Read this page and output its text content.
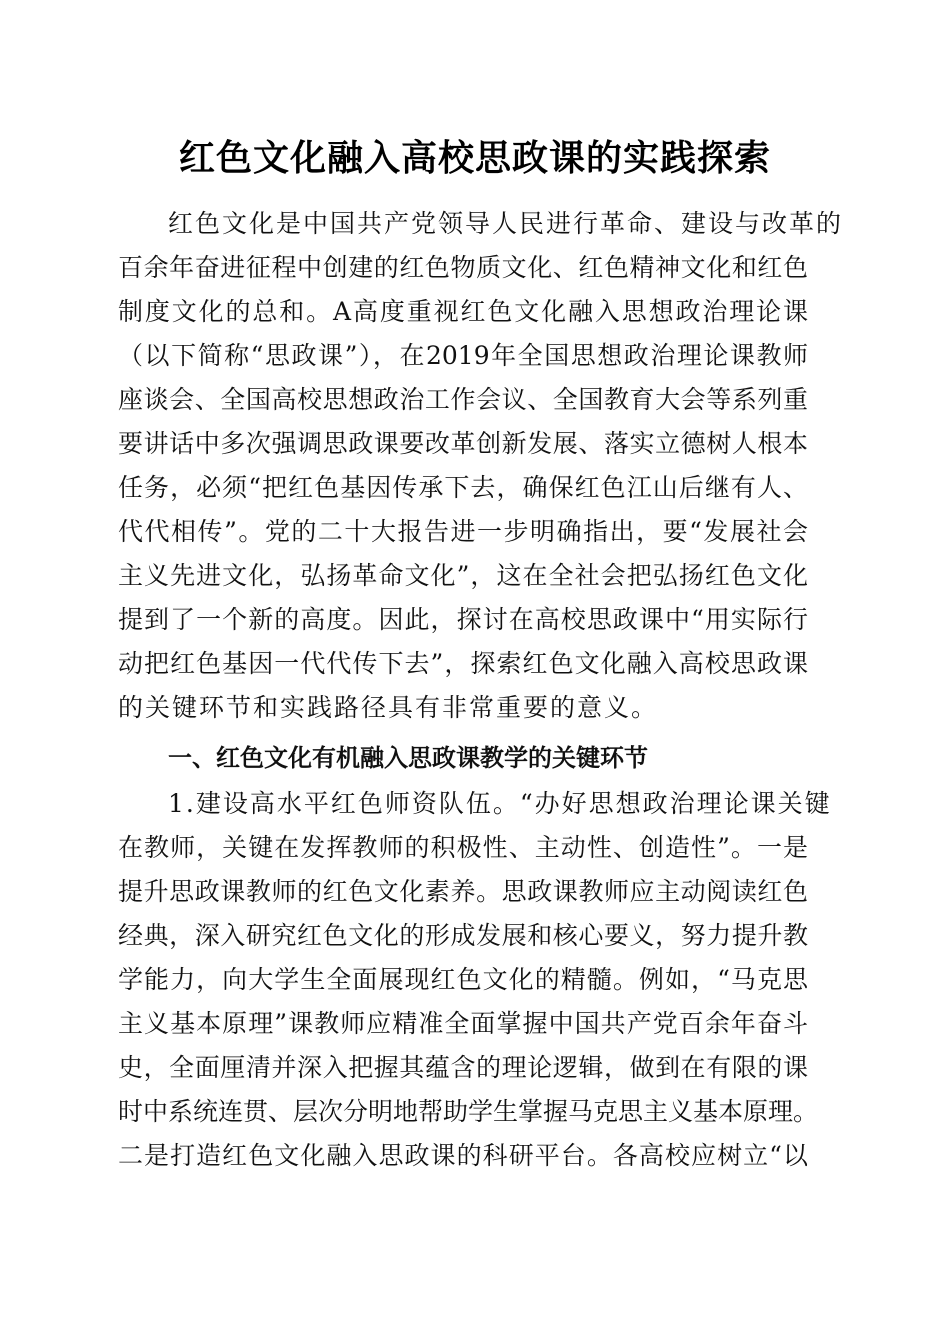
红色文化融入高校思政课的实践探索
红色文化是中国共产党领导人民进行革命、建设与改革的
百余年奋进征程中创建的红色物质文化、红色精神文化和红色
制度文化的总和。A高度重视红色文化融入思想政治理论课
（以下简称“思政课”），在2019年全国思想政治理论课教师
座谈会、全国高校思想政治工作会议、全国教育大会等系列重
要讲话中多次强调思政课要改革创新发展、落实立德树人根本
任务，必须“把红色基因传承下去，确保红色江山后继有人、
代代相传”。党的二十大报告进一步明确指出，要“发展社会
主义先进文化，弘扬革命文化”，这在全社会把弘扬红色文化
提到了一个新的高度。因此，探讨在高校思政课中“用实际行
动把红色基因一代代传下去”，探索红色文化融入高校思政课
的关键环节和实践路径具有非常重要的意义。
一、红色文化有机融入思政课教学的关键环节
1.建设高水平红色师资队伍。“办好思想政治理论课关键
在教师，关键在发挥教师的积极性、主动性、创造性”。一是
提升思政课教师的红色文化素养。思政课教师应主动阅读红色
经典，深入研究红色文化的形成发展和核心要义，努力提升教
学能力，向大学生全面展现红色文化的精髓。例如，“马克思
主义基本原理”课教师应精准全面掌握中国共产党百余年奋斗
史，全面厘清并深入把握其蕴含的理论逻辑，做到在有限的课
时中系统连贯、层次分明地帮助学生掌握马克思主义基本原理。
二是打造红色文化融入思政课的科研平台。各高校应树立“以
